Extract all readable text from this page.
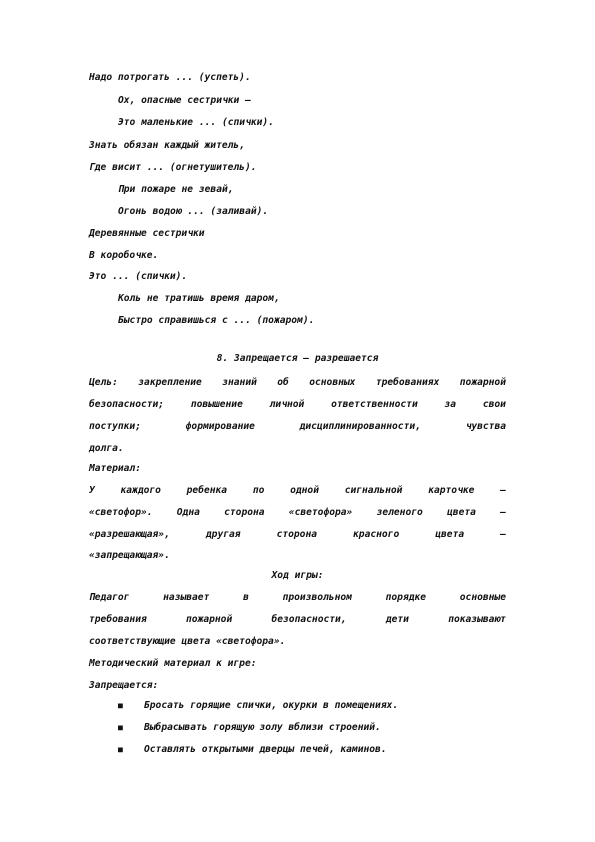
Надо потрогать ... (успеть).
Ох, опасные сестрички –
Это маленькие ... (спички).
Знать обязан каждый житель,
Где висит ... (огнетушитель).
При пожаре не зевай,
Огонь водою ... (заливай).
Деревянные сестрички
В коробочке.
Это ... (спички).
Коль не тратишь время даром,
Быстро справишься с ... (пожаром).
8. Запрещается – разрешается
Цель: закрепление знаний об основных требованиях пожарной
безопасности;	повышение	личной	ответственности	за	свои
поступки;	формирование	дисциплинированности,	чувства
долга.
Материал:
У	каждого	ребенка	по	одной	сигнальной	карточке	–
«светофор».	Одна	сторона	«светофора»	зеленого	цвета	–
«разрешающая»,	другая	сторона	красного	цвета	–
«запрещающая».
Ход игры:
Педагог	называет	в	произвольном	порядке	основные
требования	пожарной	безопасности,	дети	показывают
соответствующие цвета «светофора».
Методический материал к игре:
Запрещается:
■	Бросать горящие спички, окурки в помещениях.
■	Выбрасывать горящую золу вблизи строений.
■	Оставлять открытыми дверцы печей, каминов.
